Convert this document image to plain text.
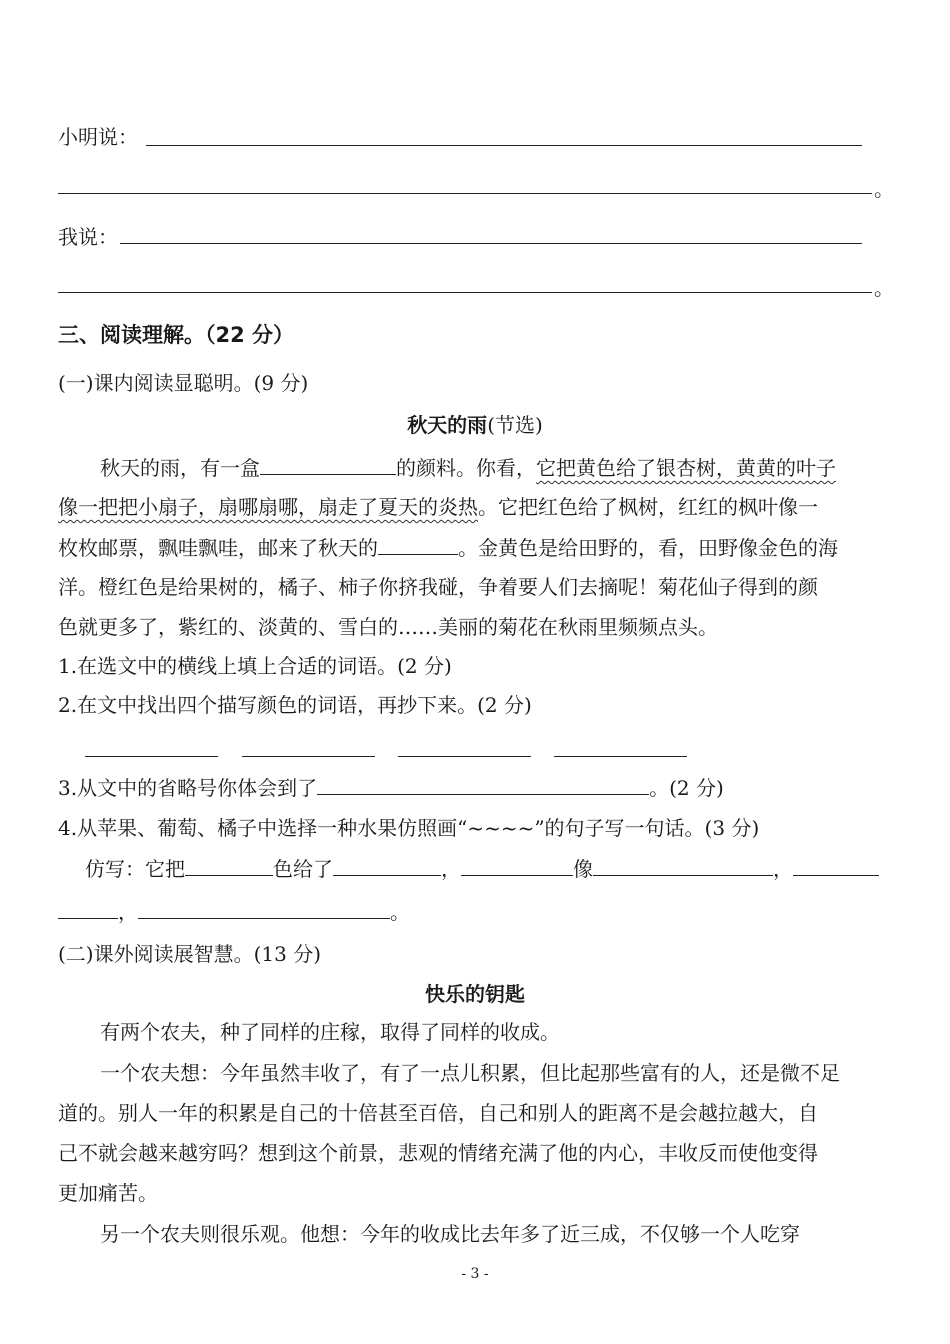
小明说：
。
我说：
。
三、阅读理解。（22 分）
(一)课内阅读显聪明。(9 分)
秋天的雨(节选)
秋天的雨，有一盒	的颜料。你看，它把黄色给了银杏树，黄黄的叶子
像一把把小扇子，扇哪扇哪，扇走了夏天的炎热。它把红色给了枫树，红红的枫叶像一
枚枚邮票，飘哇飘哇，邮来了秋天的	。金黄色是给田野的，看，田野像金色的海
洋。橙红色是给果树的，橘子、柿子你挤我碰，争着要人们去摘呢！菊花仙子得到的颜
色就更多了，紫红的、淡黄的、雪白的……美丽的菊花在秋雨里频频点头。
1.在选文中的横线上填上合适的词语。(2 分)
2.在文中找出四个描写颜色的词语，再抄下来。(2 分)
3.从文中的省略号你体会到了	。(2 分)
4.从苹果、葡萄、橘子中选择一种水果仿照画“~~~~”的句子写一句话。(3 分)
仿写：它把	色给了	，	像	，
，	。
(二)课外阅读展智慧。(13 分)
快乐的钥匙
有两个农夫，种了同样的庄稼，取得了同样的收成。
一个农夫想：今年虽然丰收了，有了一点儿积累，但比起那些富有的人，还是微不足
道的。别人一年的积累是自己的十倍甚至百倍，自己和别人的距离不是会越拉越大，自
己不就会越来越穷吗？想到这个前景，悲观的情绪充满了他的内心，丰收反而使他变得
更加痛苦。
另一个农夫则很乐观。他想：今年的收成比去年多了近三成，不仅够一个人吃穿
- 3 -
